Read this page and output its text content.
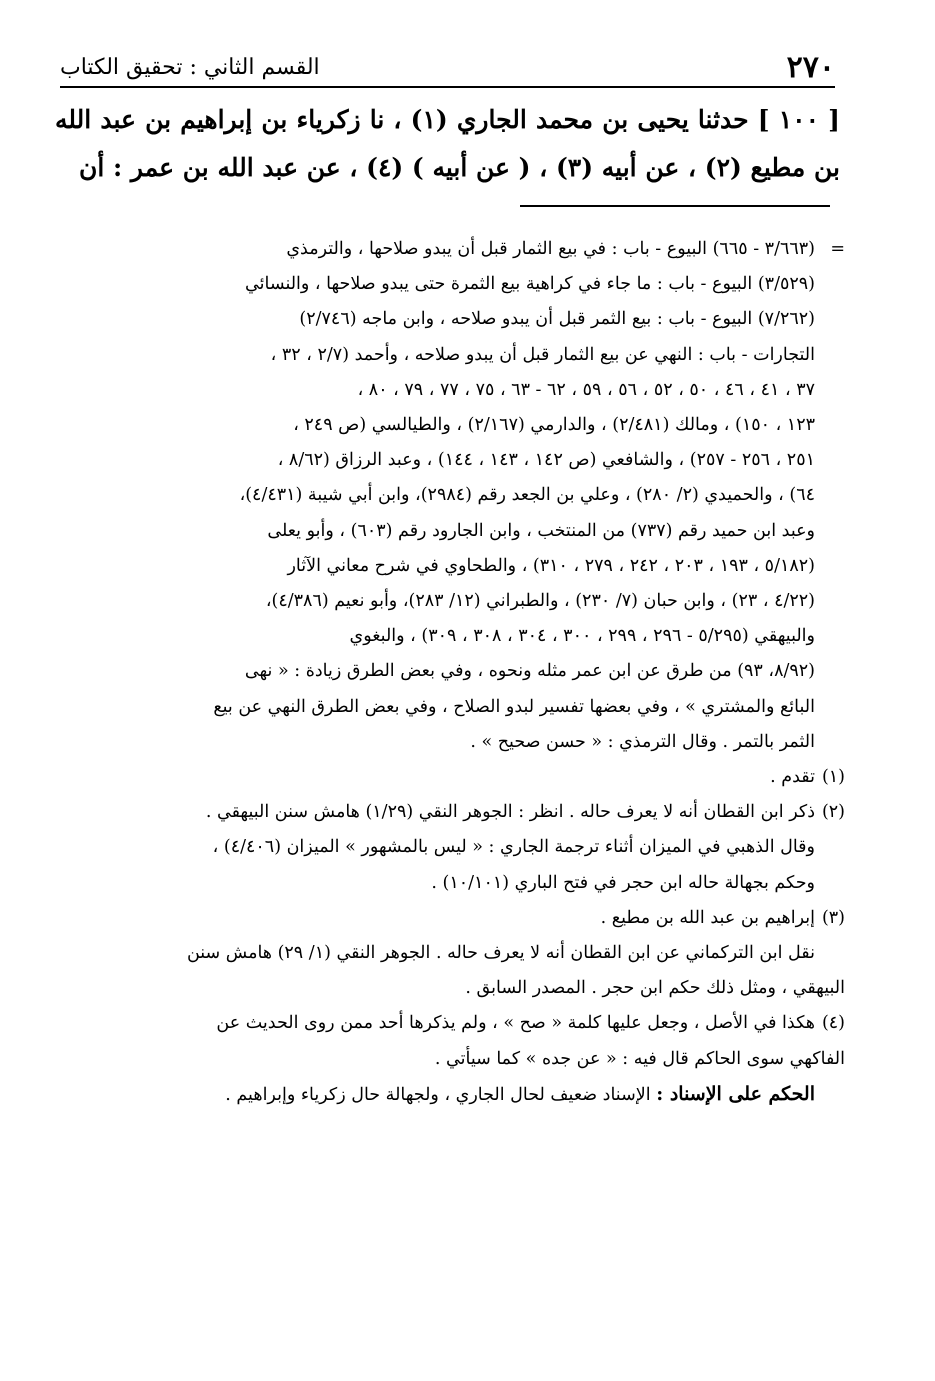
٢٧٠
القسم الثاني : تحقيق الكتاب

[ ١٠٠ ] حدثنا يحيى بن محمد الجاري (١) ، نا زكرياء بن إبراهيم بن عبد الله بن مطيع (٢) ، عن أبيه (٣) ، ( عن أبيه ) (٤) ، عن عبد الله بن عمر : أن

=

(٣/٦٦٣ - ٦٦٥) البيوع - باب : في بيع الثمار قبل أن يبدو صلاحها ، والترمذي

(٣/٥٢٩) البيوع - باب : ما جاء في كراهية بيع الثمرة حتى يبدو صلاحها ، والنسائي

(٧/٢٦٢) البيوع - باب : بيع الثمر قبل أن يبدو صلاحه ، وابن ماجه (٢/٧٤٦)

التجارات - باب : النهي عن بيع الثمار قبل أن يبدو صلاحه ، وأحمد (٢/٧ ، ٣٢ ،

٣٧ ، ٤١ ، ٤٦ ، ٥٠ ، ٥٢ ، ٥٦ ، ٥٩ ، ٦٢ - ٦٣ ، ٧٥ ، ٧٧ ، ٧٩ ، ٨٠ ،

١٢٣ ، ١٥٠) ، ومالك (٢/٤٨١) ، والدارمي (٢/١٦٧) ، والطيالسي (ص ٢٤٩ ،

٢٥١ ، ٢٥٦ - ٢٥٧) ، والشافعي (ص ١٤٢ ، ١٤٣ ، ١٤٤) ، وعبد الرزاق (٨/٦٢ ،

٦٤) ، والحميدي (٢/ ٢٨٠) ، وعلي بن الجعد رقم (٢٩٨٤)، وابن أبي شيبة (٤/٤٣١)،

وعبد ابن حميد رقم (٧٣٧) من المنتخب ، وابن الجارود رقم (٦٠٣) ، وأبو يعلى

(٥/١٨٢ ، ١٩٣ ، ٢٠٣ ، ٢٤٢ ، ٢٧٩ ، ٣١٠) ، والطحاوي في شرح معاني الآثار

(٤/٢٢ ، ٢٣) ، وابن حبان (٧/ ٢٣٠) ، والطبراني (١٢/ ٢٨٣)، وأبو نعيم (٤/٣٨٦)،

والبيهقي (٥/٢٩٥ - ٢٩٦ ، ٢٩٩ ، ٣٠٠ ، ٣٠٤ ، ٣٠٨ ، ٣٠٩) ، والبغوي

(٨/٩٢، ٩٣) من طرق عن ابن عمر مثله ونحوه ، وفي بعض الطرق زيادة : « نهى

البائع والمشتري » ، وفي بعضها تفسير لبدو الصلاح ، وفي بعض الطرق النهي عن بيع

الثمر بالتمر . وقال الترمذي : « حسن صحيح » .

(١)

تقدم .

(٢)

ذكر ابن القطان أنه لا يعرف حاله . انظر : الجوهر النقي (١/٢٩) هامش سنن البيهقي .

وقال الذهبي في الميزان أثناء ترجمة الجاري : « ليس بالمشهور » الميزان (٤/٤٠٦) ،

وحكم بجهالة حاله ابن حجر في فتح الباري (١٠/١٠١) .

(٣)

إبراهيم بن عبد الله بن مطيع .

نقل ابن التركماني عن ابن القطان أنه لا يعرف حاله . الجوهر النقي (١/ ٢٩) هامش سنن

البيهقي ، ومثل ذلك حكم ابن حجر . المصدر السابق .

(٤)

هكذا في الأصل ، وجعل عليها كلمة « صح » ، ولم يذكرها أحد ممن روى الحديث عن

الفاكهي سوى الحاكم قال فيه : « عن جده » كما سيأتي .

الحكم على الإسناد : الإسناد ضعيف لحال الجاري ، ولجهالة حال زكرياء وإبراهيم .
